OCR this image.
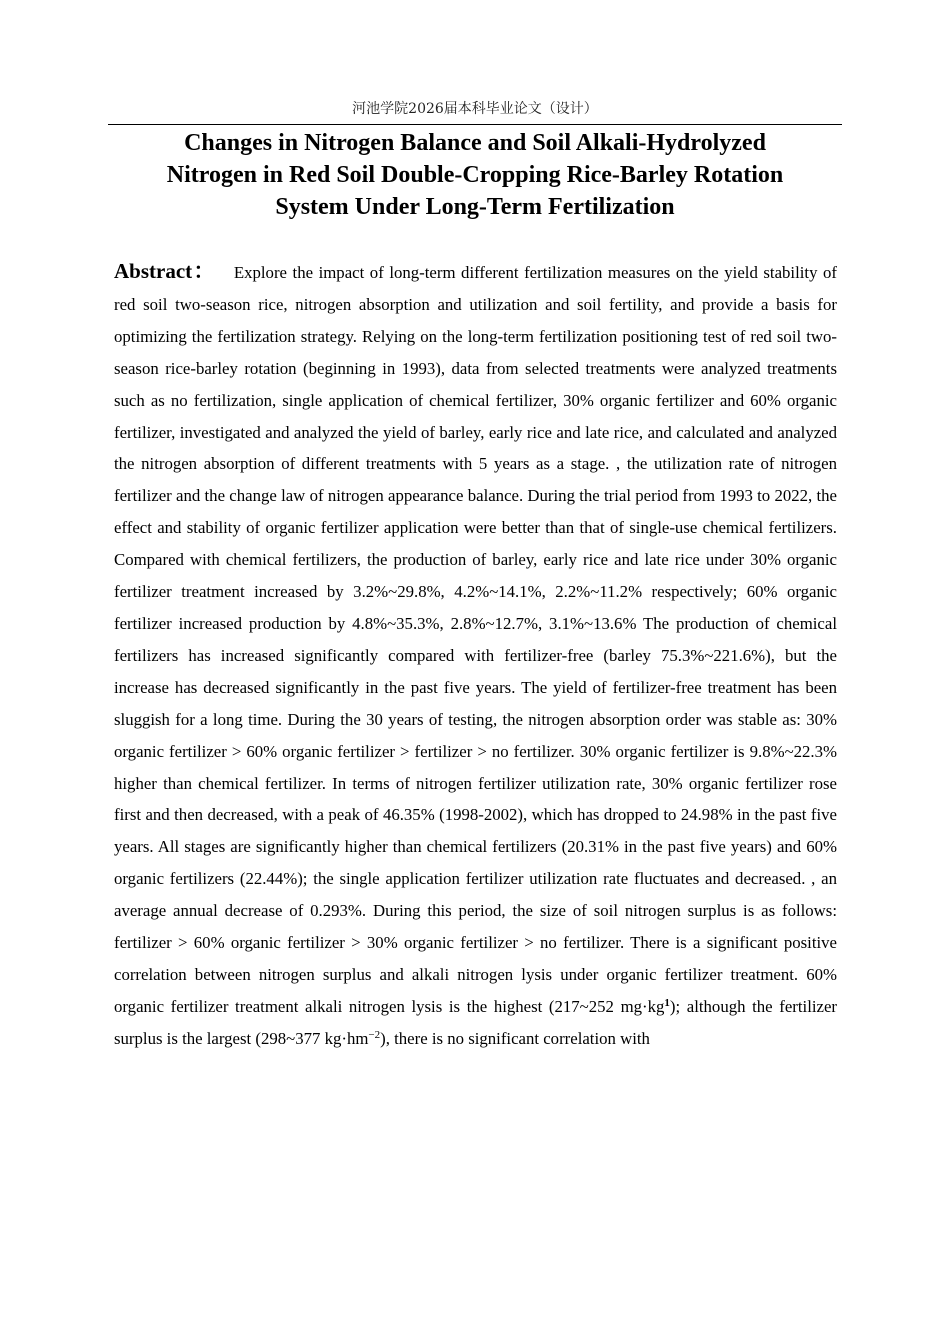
河池学院2026届本科毕业论文（设计）
Changes in Nitrogen Balance and Soil Alkali-Hydrolyzed
Nitrogen in Red Soil Double-Cropping Rice-Barley Rotation
System Under Long-Term Fertilization
Abstract： Explore the impact of long-term different fertilization measures on the yield stability of red soil two-season rice, nitrogen absorption and utilization and soil fertility, and provide a basis for optimizing the fertilization strategy. Relying on the long-term fertilization positioning test of red soil two-season rice-barley rotation (beginning in 1993), data from selected treatments were analyzed treatments such as no fertilization, single application of chemical fertilizer, 30% organic fertilizer and 60% organic fertilizer, investigated and analyzed the yield of barley, early rice and late rice, and calculated and analyzed the nitrogen absorption of different treatments with 5 years as a stage. , the utilization rate of nitrogen fertilizer and the change law of nitrogen appearance balance. During the trial period from 1993 to 2022, the effect and stability of organic fertilizer application were better than that of single-use chemical fertilizers. Compared with chemical fertilizers, the production of barley, early rice and late rice under 30% organic fertilizer treatment increased by 3.2%~29.8%, 4.2%~14.1%, 2.2%~11.2% respectively; 60% organic fertilizer increased production by 4.8%~35.3%, 2.8%~12.7%, 3.1%~13.6% The production of chemical fertilizers has increased significantly compared with fertilizer-free (barley 75.3%~221.6%), but the increase has decreased significantly in the past five years. The yield of fertilizer-free treatment has been sluggish for a long time. During the 30 years of testing, the nitrogen absorption order was stable as: 30% organic fertilizer > 60% organic fertilizer > fertilizer > no fertilizer. 30% organic fertilizer is 9.8%~22.3% higher than chemical fertilizer. In terms of nitrogen fertilizer utilization rate, 30% organic fertilizer rose first and then decreased, with a peak of 46.35% (1998-2002), which has dropped to 24.98% in the past five years. All stages are significantly higher than chemical fertilizers (20.31% in the past five years) and 60% organic fertilizers (22.44%); the single application fertilizer utilization rate fluctuates and decreased. , an average annual decrease of 0.293%. During this period, the size of soil nitrogen surplus is as follows: fertilizer > 60% organic fertilizer > 30% organic fertilizer > no fertilizer. There is a significant positive correlation between nitrogen surplus and alkali nitrogen lysis under organic fertilizer treatment. 60% organic fertilizer treatment alkali nitrogen lysis is the highest (217~252 $mg\cdot kg^1$); although the fertilizer surplus is the largest (298~377 $kg\cdot hm^{-2}$), there is no significant correlation with
